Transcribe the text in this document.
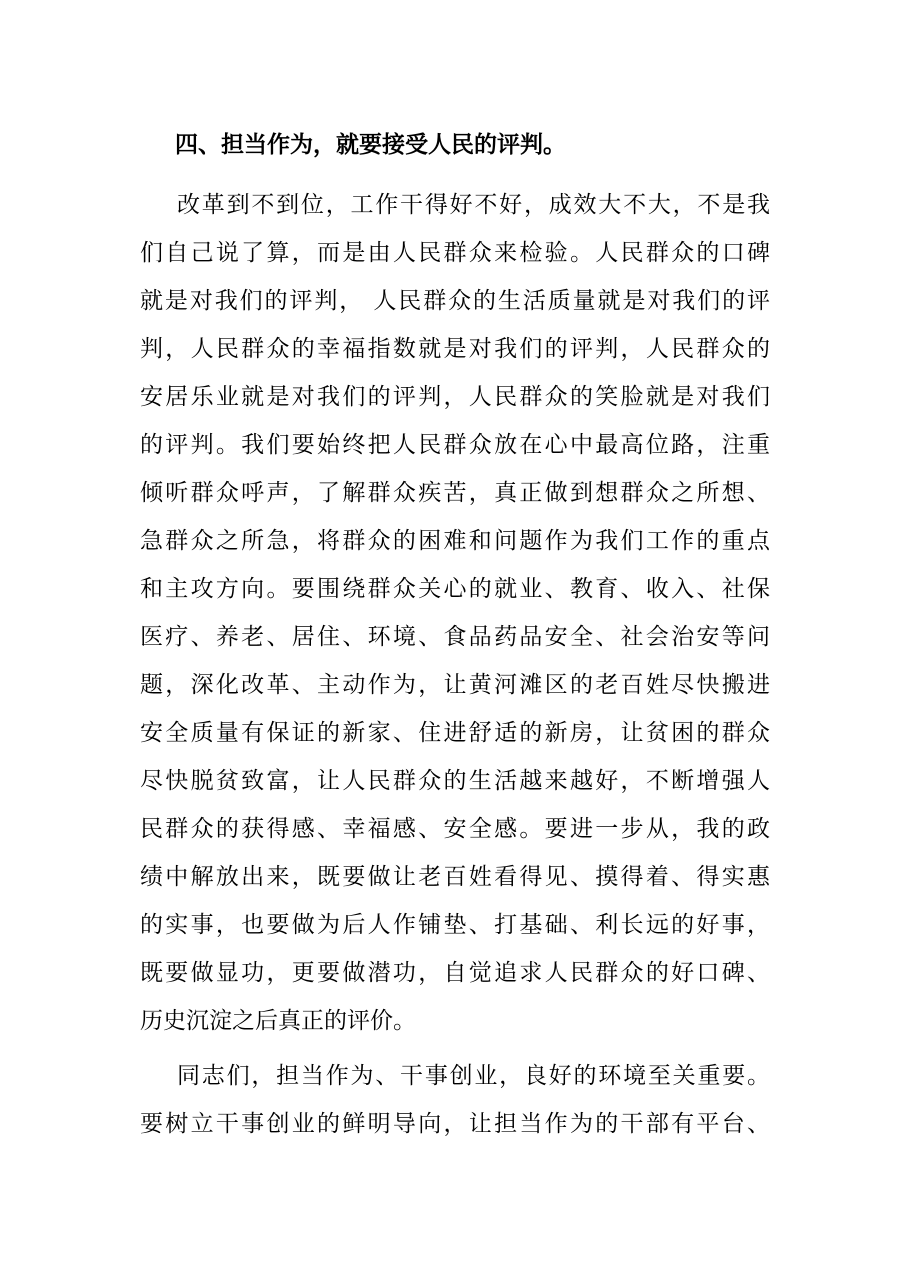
四、担当作为，就要接受人民的评判。
改革到不到位，工作干得好不好，成效大不大，不是我
们自己说了算，而是由人民群众来检验。人民群众的口碑
就是对我们的评判， 人民群众的生活质量就是对我们的评
判，人民群众的幸福指数就是对我们的评判，人民群众的
安居乐业就是对我们的评判，人民群众的笑脸就是对我们
的评判。我们要始终把人民群众放在心中最高位路，注重
倾听群众呼声，了解群众疾苦，真正做到想群众之所想、
急群众之所急，将群众的困难和问题作为我们工作的重点
和主攻方向。要围绕群众关心的就业、教育、收入、社保
医疗、养老、居住、环境、食品药品安全、社会治安等问
题，深化改革、主动作为，让黄河滩区的老百姓尽快搬进
安全质量有保证的新家、住进舒适的新房，让贫困的群众
尽快脱贫致富，让人民群众的生活越来越好，不断增强人
民群众的获得感、幸福感、安全感。要进一步从，我的政
绩中解放出来，既要做让老百姓看得见、摸得着、得实惠
的实事，也要做为后人作铺垫、打基础、利长远的好事，
既要做显功，更要做潜功，自觉追求人民群众的好口碑、
历史沉淀之后真正的评价。
同志们，担当作为、干事创业，良好的环境至关重要。
要树立干事创业的鲜明导向，让担当作为的干部有平台、
